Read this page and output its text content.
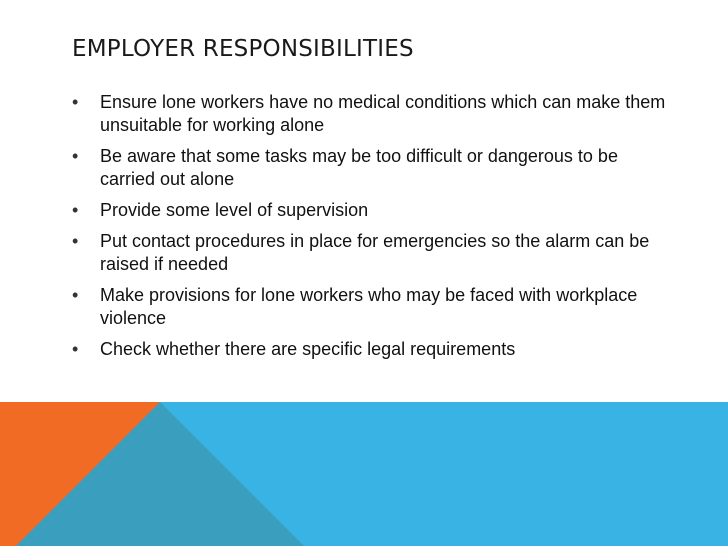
EMPLOYER RESPONSIBILITIES
•	Ensure lone workers have no medical conditions which can make them unsuitable for working alone
•	Be aware that some tasks may be too difficult or dangerous to be carried out alone
•	Provide some level of supervision
•	Put contact procedures in place for emergencies so the alarm can be raised if needed
•	Make provisions for lone workers who may be faced with workplace violence
•	Check whether there are specific legal requirements
